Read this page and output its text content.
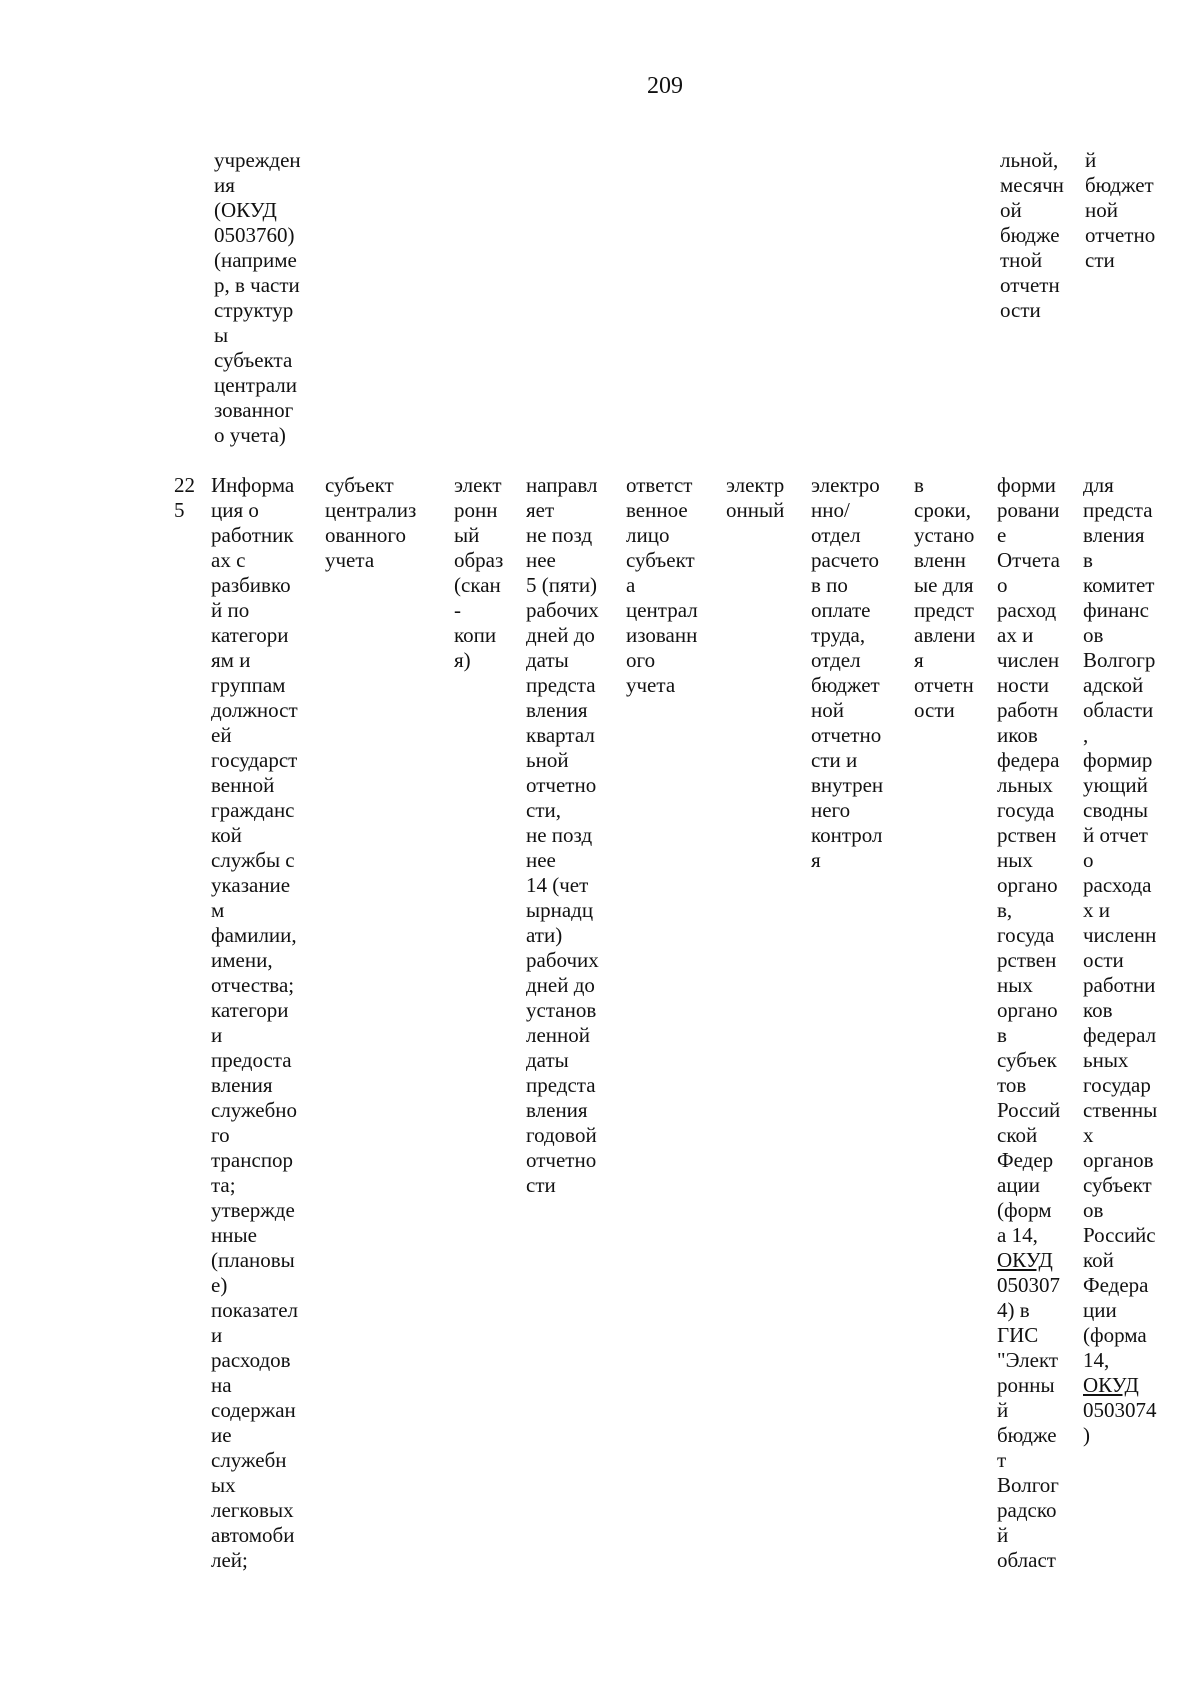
209
учрежден
ия
(ОКУД
0503760)
(наприме
р, в части
структур
ы
субъекта
централи
зованног
о учета)
льной,
месячн
ой
бюдже
тной
отчетн
ости
й
бюджет
ной
отчетно
сти
22
5
Информа
ция о
работник
ах с
разбивко
й по
категори
ям и
группам
должност
ей
государст
венной
гражданс
кой
службы с
указание
м
фамилии,
имени,
отчества;
категори
и
предоста
вления
служебно
го
транспор
та;
утвержде
нные
(плановы
е)
показател
и
расходов
на
содержан
ие
служебн
ых
легковых
автомоби
лей;
субъект
централиз
ованного
учета
элект
ронн
ый
образ
(скан
-
копи
я)
направл
яет
не позд
нее
5 (пяти)
рабочих
дней до
даты
предста
вления
квартал
ьной
отчетно
сти,
не позд
нее
14 (чет
ырнадц
ати)
рабочих
дней до
установ
ленной
даты
предста
вления
годовой
отчетно
сти
ответст
венное
лицо
субъект
а
централ
изованн
ого
учета
электр
онный
электро
нно/
отдел
расчето
в по
оплате
труда,
отдел
бюджет
ной
отчетно
сти и
внутрен
него
контрол
я
в
сроки,
устано
вленн
ые для
предст
авлени
я
отчетн
ости
форми
ровани
е
Отчета
о
расход
ах и
числен
ности
работн
иков
федера
льных
госуда
рствен
ных
органо
в,
госуда
рствен
ных
органо
в
субъек
тов
Россий
ской
Федер
ации
(форм
а 14,
ОКУД
050307
4) в
ГИС
"Элект
ронны
й
бюдже
т
Волгог
радско
й
област
для
предста
вления
в
комитет
финанс
ов
Волгогр
адской
области
,
формир
ующий
сводны
й отчет
о
расхода
х и
численн
ости
работни
ков
федерал
ьных
государ
ственны
х
органов
субъект
ов
Российс
кой
Федера
ции
(форма
14,
ОКУД
0503074
)
